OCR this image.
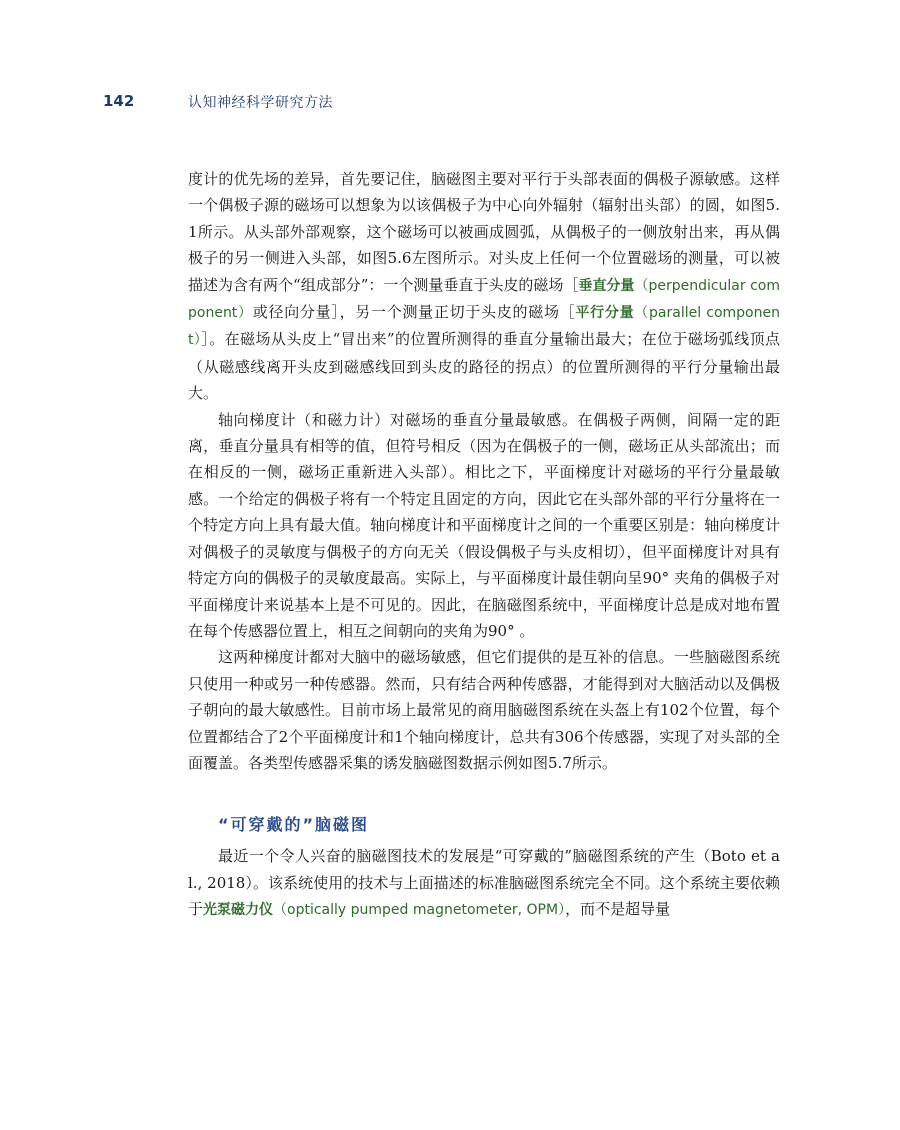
142	认知神经科学研究方法

度计的优先场的差异，首先要记住，脑磁图主要对平行于头部表面的偶极子源敏感。这样一个偶极子源的磁场可以想象为以该偶极子为中心向外辐射（辐射出头部）的圆，如图5.1所示。从头部外部观察，这个磁场可以被画成圆弧，从偶极子的一侧放射出来，再从偶极子的另一侧进入头部，如图5.6左图所示。对头皮上任何一个位置磁场的测量，可以被描述为含有两个“组成部分”：一个测量垂直于头皮的磁场［垂直分量（perpendicular component）或径向分量］，另一个测量正切于头皮的磁场［平行分量（parallel component）］。在磁场从头皮上“冒出来”的位置所测得的垂直分量输出最大；在位于磁场弧线顶点（从磁感线离开头皮到磁感线回到头皮的路径的拐点）的位置所测得的平行分量输出最大。

轴向梯度计（和磁力计）对磁场的垂直分量最敏感。在偶极子两侧，间隔一定的距离，垂直分量具有相等的值，但符号相反（因为在偶极子的一侧，磁场正从头部流出；而在相反的一侧，磁场正重新进入头部）。相比之下，平面梯度计对磁场的平行分量最敏感。一个给定的偶极子将有一个特定且固定的方向，因此它在头部外部的平行分量将在一个特定方向上具有最大值。轴向梯度计和平面梯度计之间的一个重要区别是：轴向梯度计对偶极子的灵敏度与偶极子的方向无关（假设偶极子与头皮相切），但平面梯度计对具有特定方向的偶极子的灵敏度最高。实际上，与平面梯度计最佳朝向呈90° 夹角的偶极子对平面梯度计来说基本上是不可见的。因此，在脑磁图系统中，平面梯度计总是成对地布置在每个传感器位置上，相互之间朝向的夹角为90° 。

这两种梯度计都对大脑中的磁场敏感，但它们提供的是互补的信息。一些脑磁图系统只使用一种或另一种传感器。然而，只有结合两种传感器，才能得到对大脑活动以及偶极子朝向的最大敏感性。目前市场上最常见的商用脑磁图系统在头盔上有102个位置，每个位置都结合了2个平面梯度计和1个轴向梯度计，总共有306个传感器，实现了对头部的全面覆盖。各类型传感器采集的诱发脑磁图数据示例如图5.7所示。

“可穿戴的”脑磁图

最近一个令人兴奋的脑磁图技术的发展是“可穿戴的”脑磁图系统的产生（Boto et al., 2018）。该系统使用的技术与上面描述的标准脑磁图系统完全不同。这个系统主要依赖于光泵磁力仪（optically pumped magnetometer, OPM），而不是超导量
